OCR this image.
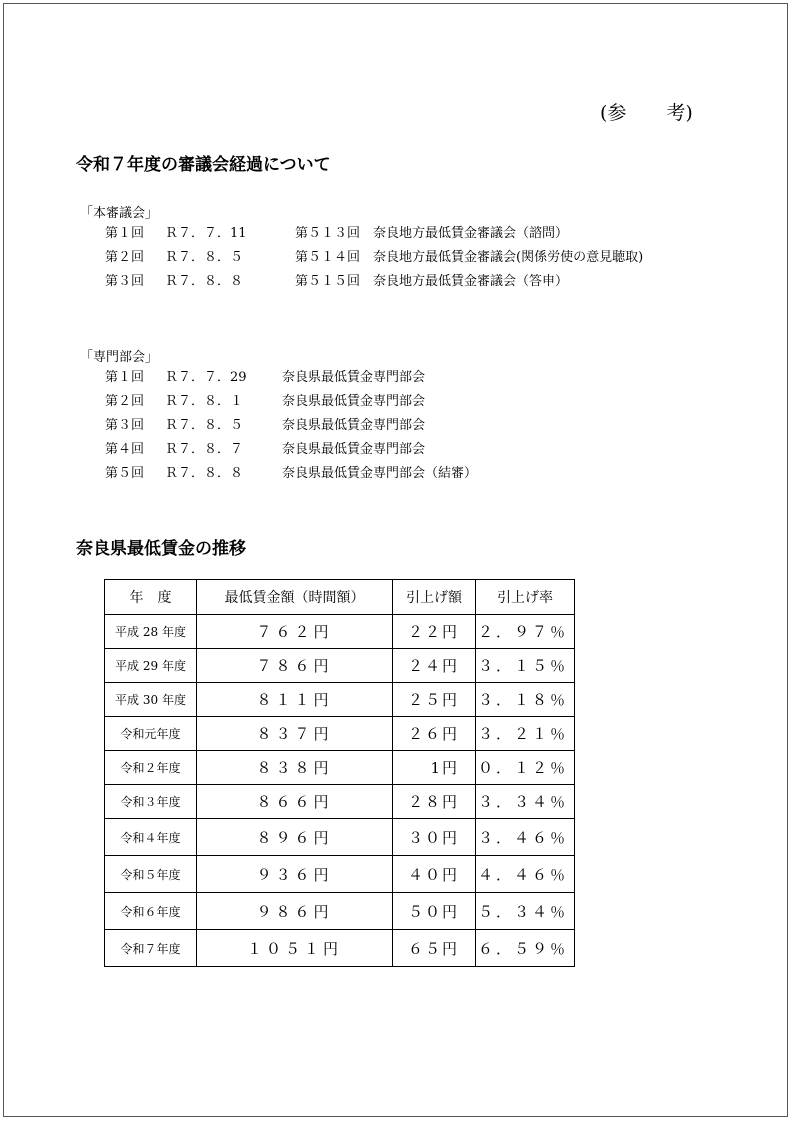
(参 考)
令和７年度の審議会経過について
「本審議会」
第１回	Ｒ７．７．11	第５１３回　奈良地方最低賃金審議会（諮問）
第２回	Ｒ７．８．５	第５１４回　奈良地方最低賃金審議会(関係労使の意見聴取)
第３回	Ｒ７．８．８	第５１５回　奈良地方最低賃金審議会（答申）
「専門部会」
第１回	Ｒ７．７．29	奈良県最低賃金専門部会
第２回	Ｒ７．８．１	奈良県最低賃金専門部会
第３回	Ｒ７．８．５	奈良県最低賃金専門部会
第４回	Ｒ７．８．７	奈良県最低賃金専門部会
第５回	Ｒ７．８．８	奈良県最低賃金専門部会（結審）
奈良県最低賃金の推移
年　度	最低賃金額（時間額）	引上げ額	引上げ率
平成 28 年度	７６２円	２２円	２．９７％
平成 29 年度	７８６円	２４円	３．１５％
平成 30 年度	８１１円	２５円	３．１８％
令和元年度	８３７円	２６円	３．２１％
令和２年度	８３８円	1円	０．１２％
令和３年度	８６６円	２８円	３．３４％
令和４年度	８９６円	３０円	３．４６％
令和５年度	９３６円	４０円	４．４６％
令和６年度	９８６円	５０円	５．３４％
令和７年度	１０５１円	６５円	６．５９％
